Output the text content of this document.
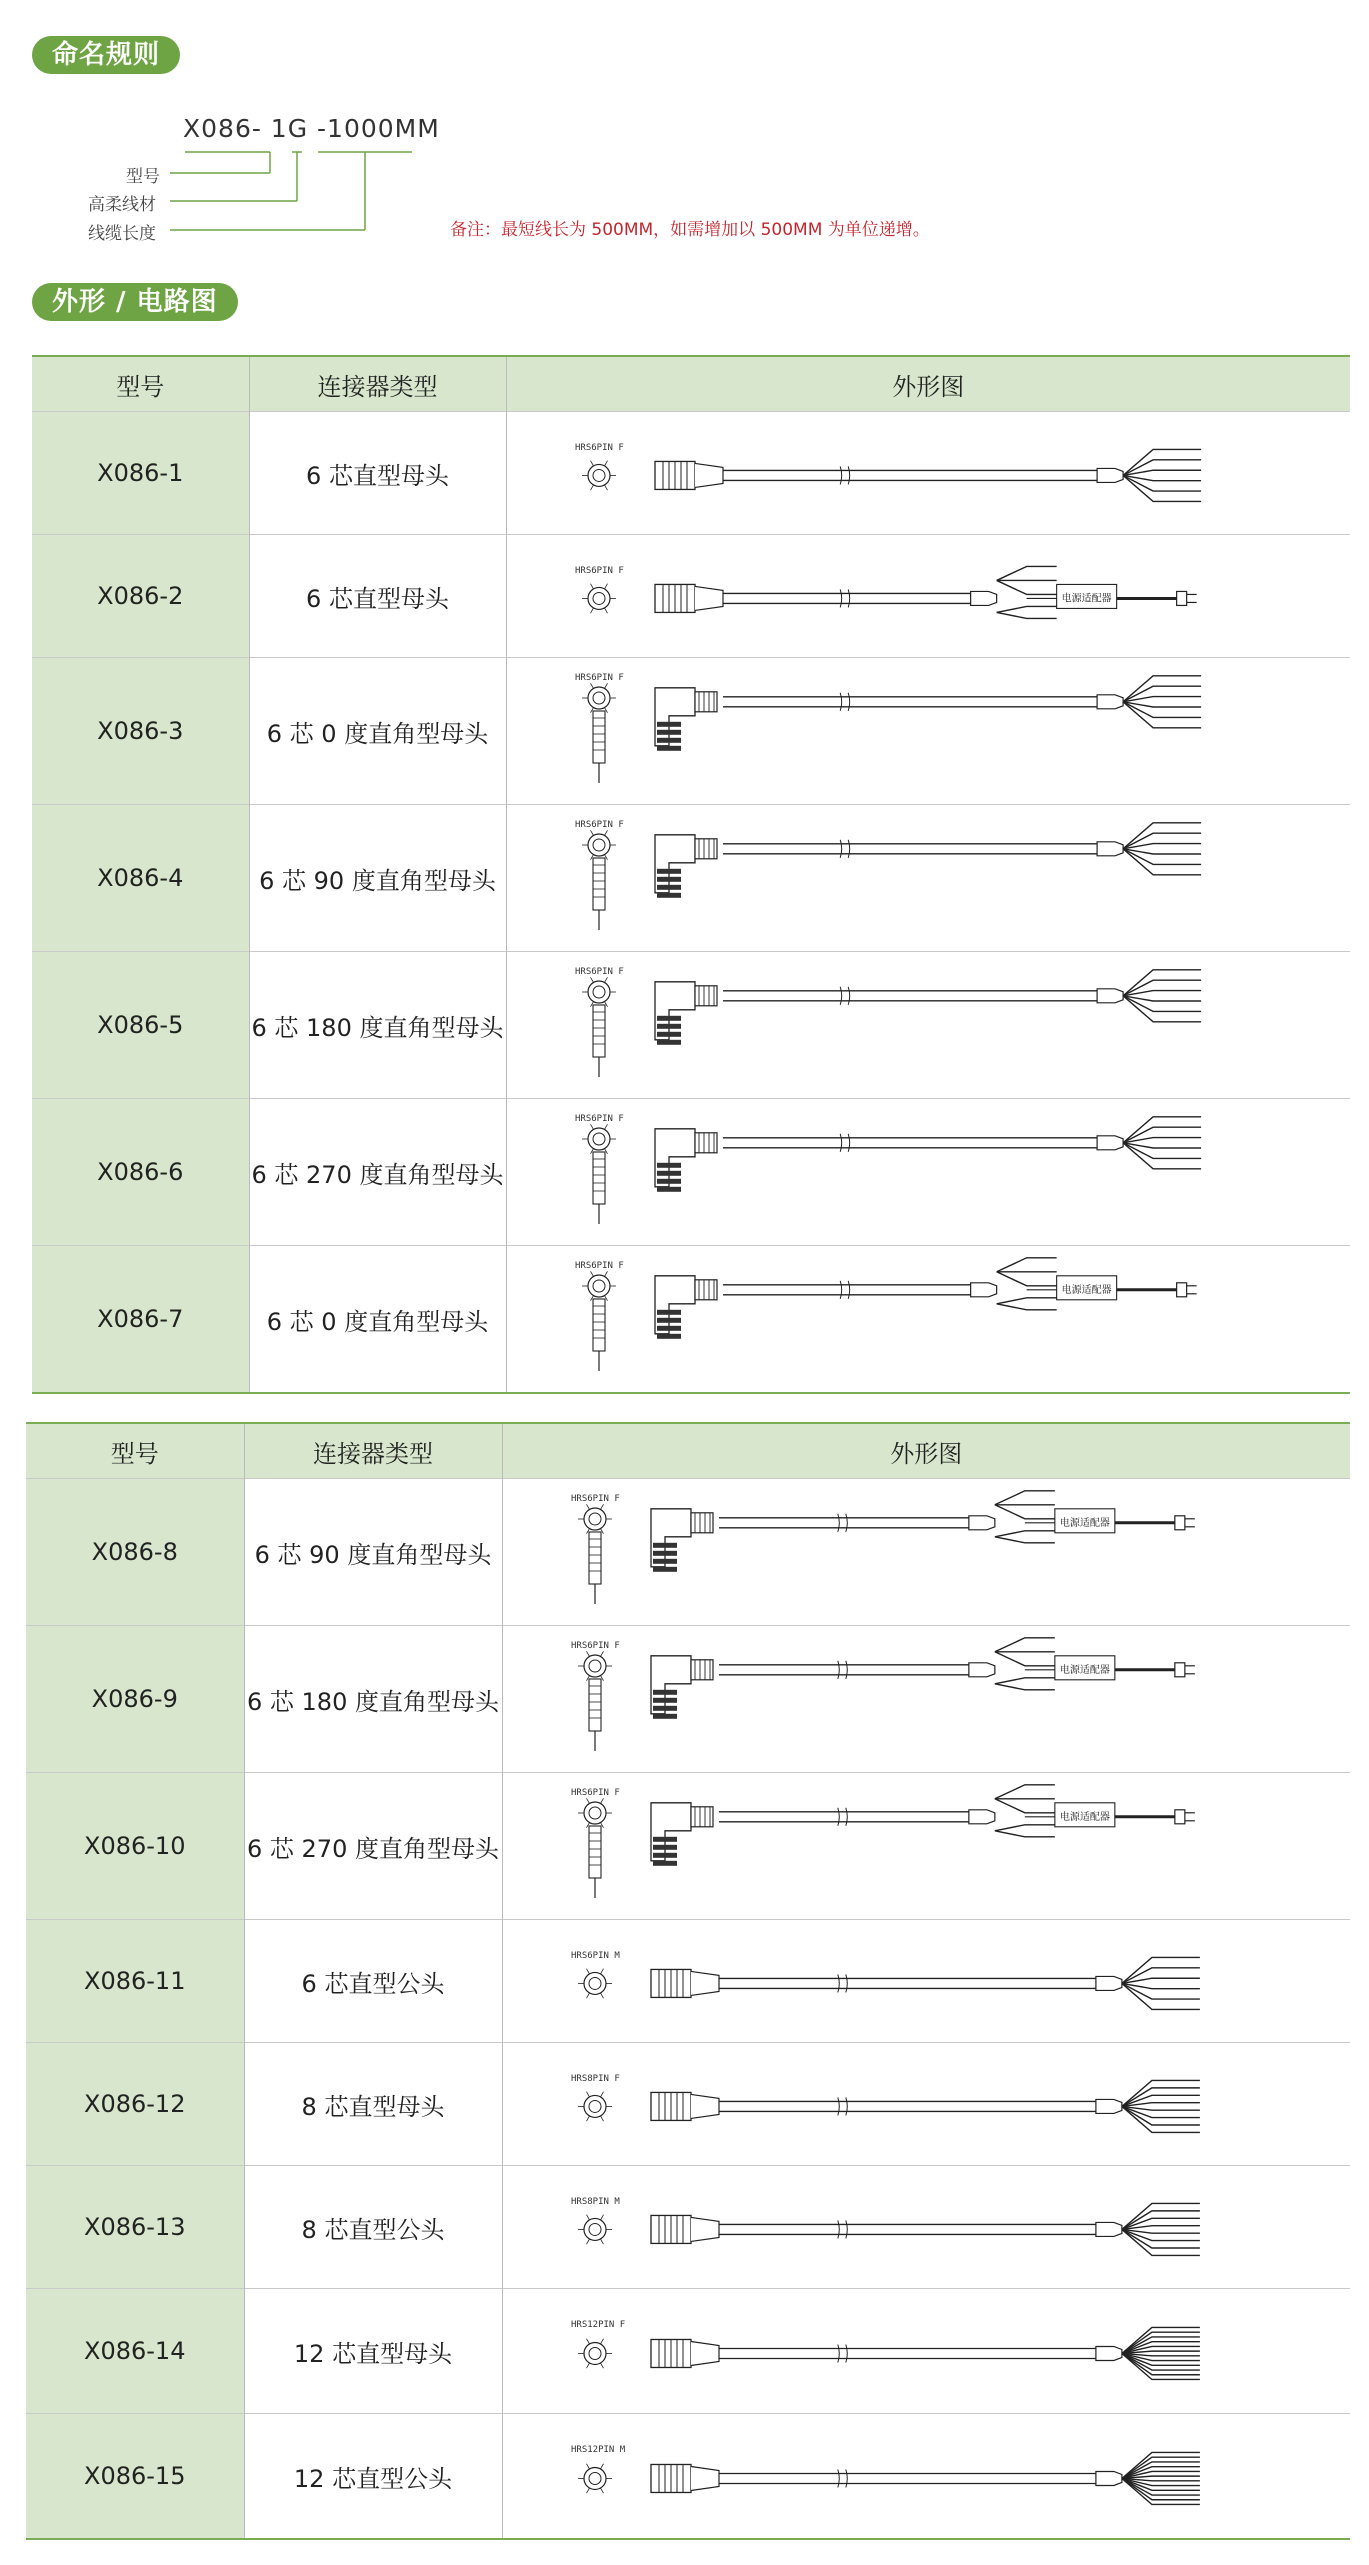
命名规则
X086- 1G -1000MM
型号
高柔线材
线缆长度	备注：最短线长为 500MM，如需增加以 500MM 为单位递增。
外形 / 电路图
型号	连接器类型	外形图
X086-1	6 芯直型母头	HRS6PIN F

X086-2	6 芯直型母头	HRS6PIN F
电源适配器

X086-3	6 芯 0 度直角型母头	HRS6PIN F

X086-4	6 芯 90 度直角型母头	HRS6PIN F

X086-5	6 芯 180 度直角型母头	HRS6PIN F

X086-6	6 芯 270 度直角型母头	HRS6PIN F

X086-7	6 芯 0 度直角型母头	HRS6PIN F
电源适配器
型号	连接器类型	外形图
X086-8	6 芯 90 度直角型母头	HRS6PIN F
电源适配器

X086-9	6 芯 180 度直角型母头	HRS6PIN F
电源适配器

X086-10	6 芯 270 度直角型母头	HRS6PIN F
电源适配器

X086-11	6 芯直型公头	HRS6PIN M

X086-12	8 芯直型母头	HRS8PIN F

X086-13	8 芯直型公头	HRS8PIN M

X086-14	12 芯直型母头	HRS12PIN F

X086-15	12 芯直型公头	HRS12PIN M
